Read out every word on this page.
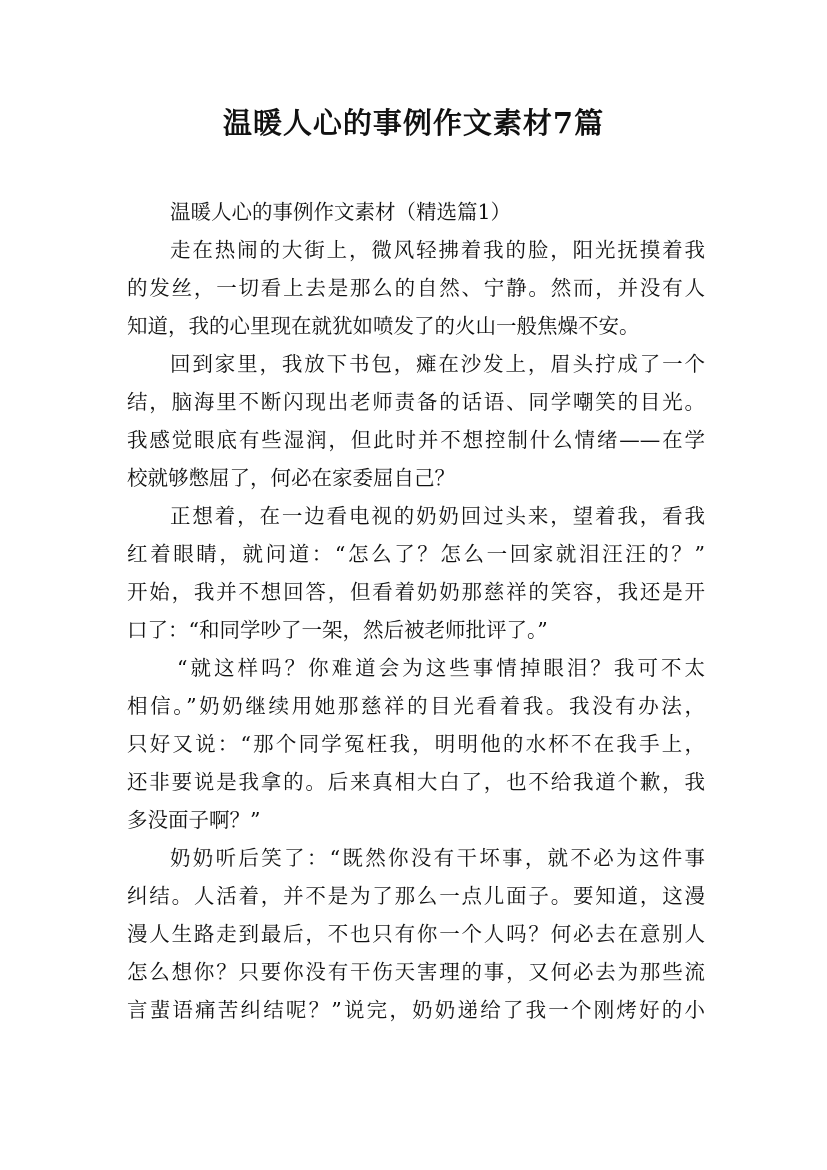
温暖人心的事例作文素材7篇
温暖人心的事例作文素材（精选篇1）
走在热闹的大街上，微风轻拂着我的脸，阳光抚摸着我
的发丝，一切看上去是那么的自然、宁静。然而，并没有人
知道，我的心里现在就犹如喷发了的火山一般焦燥不安。
回到家里，我放下书包，瘫在沙发上，眉头拧成了一个
结，脑海里不断闪现出老师责备的话语、同学嘲笑的目光。
我感觉眼底有些湿润，但此时并不想控制什么情绪——在学
校就够憋屈了，何必在家委屈自己？
正想着，在一边看电视的奶奶回过头来，望着我，看我
红着眼睛，就问道：“怎么了？怎么一回家就泪汪汪的？”
开始，我并不想回答，但看着奶奶那慈祥的笑容，我还是开
口了：“和同学吵了一架，然后被老师批评了。”
“就这样吗？你难道会为这些事情掉眼泪？我可不太
相信。”奶奶继续用她那慈祥的目光看着我。我没有办法，
只好又说：“那个同学冤枉我，明明他的水杯不在我手上，
还非要说是我拿的。后来真相大白了，也不给我道个歉，我
多没面子啊？”
奶奶听后笑了：“既然你没有干坏事，就不必为这件事
纠结。人活着，并不是为了那么一点儿面子。要知道，这漫
漫人生路走到最后，不也只有你一个人吗？何必去在意别人
怎么想你？只要你没有干伤天害理的事，又何必去为那些流
言蜚语痛苦纠结呢？”说完，奶奶递给了我一个刚烤好的小
